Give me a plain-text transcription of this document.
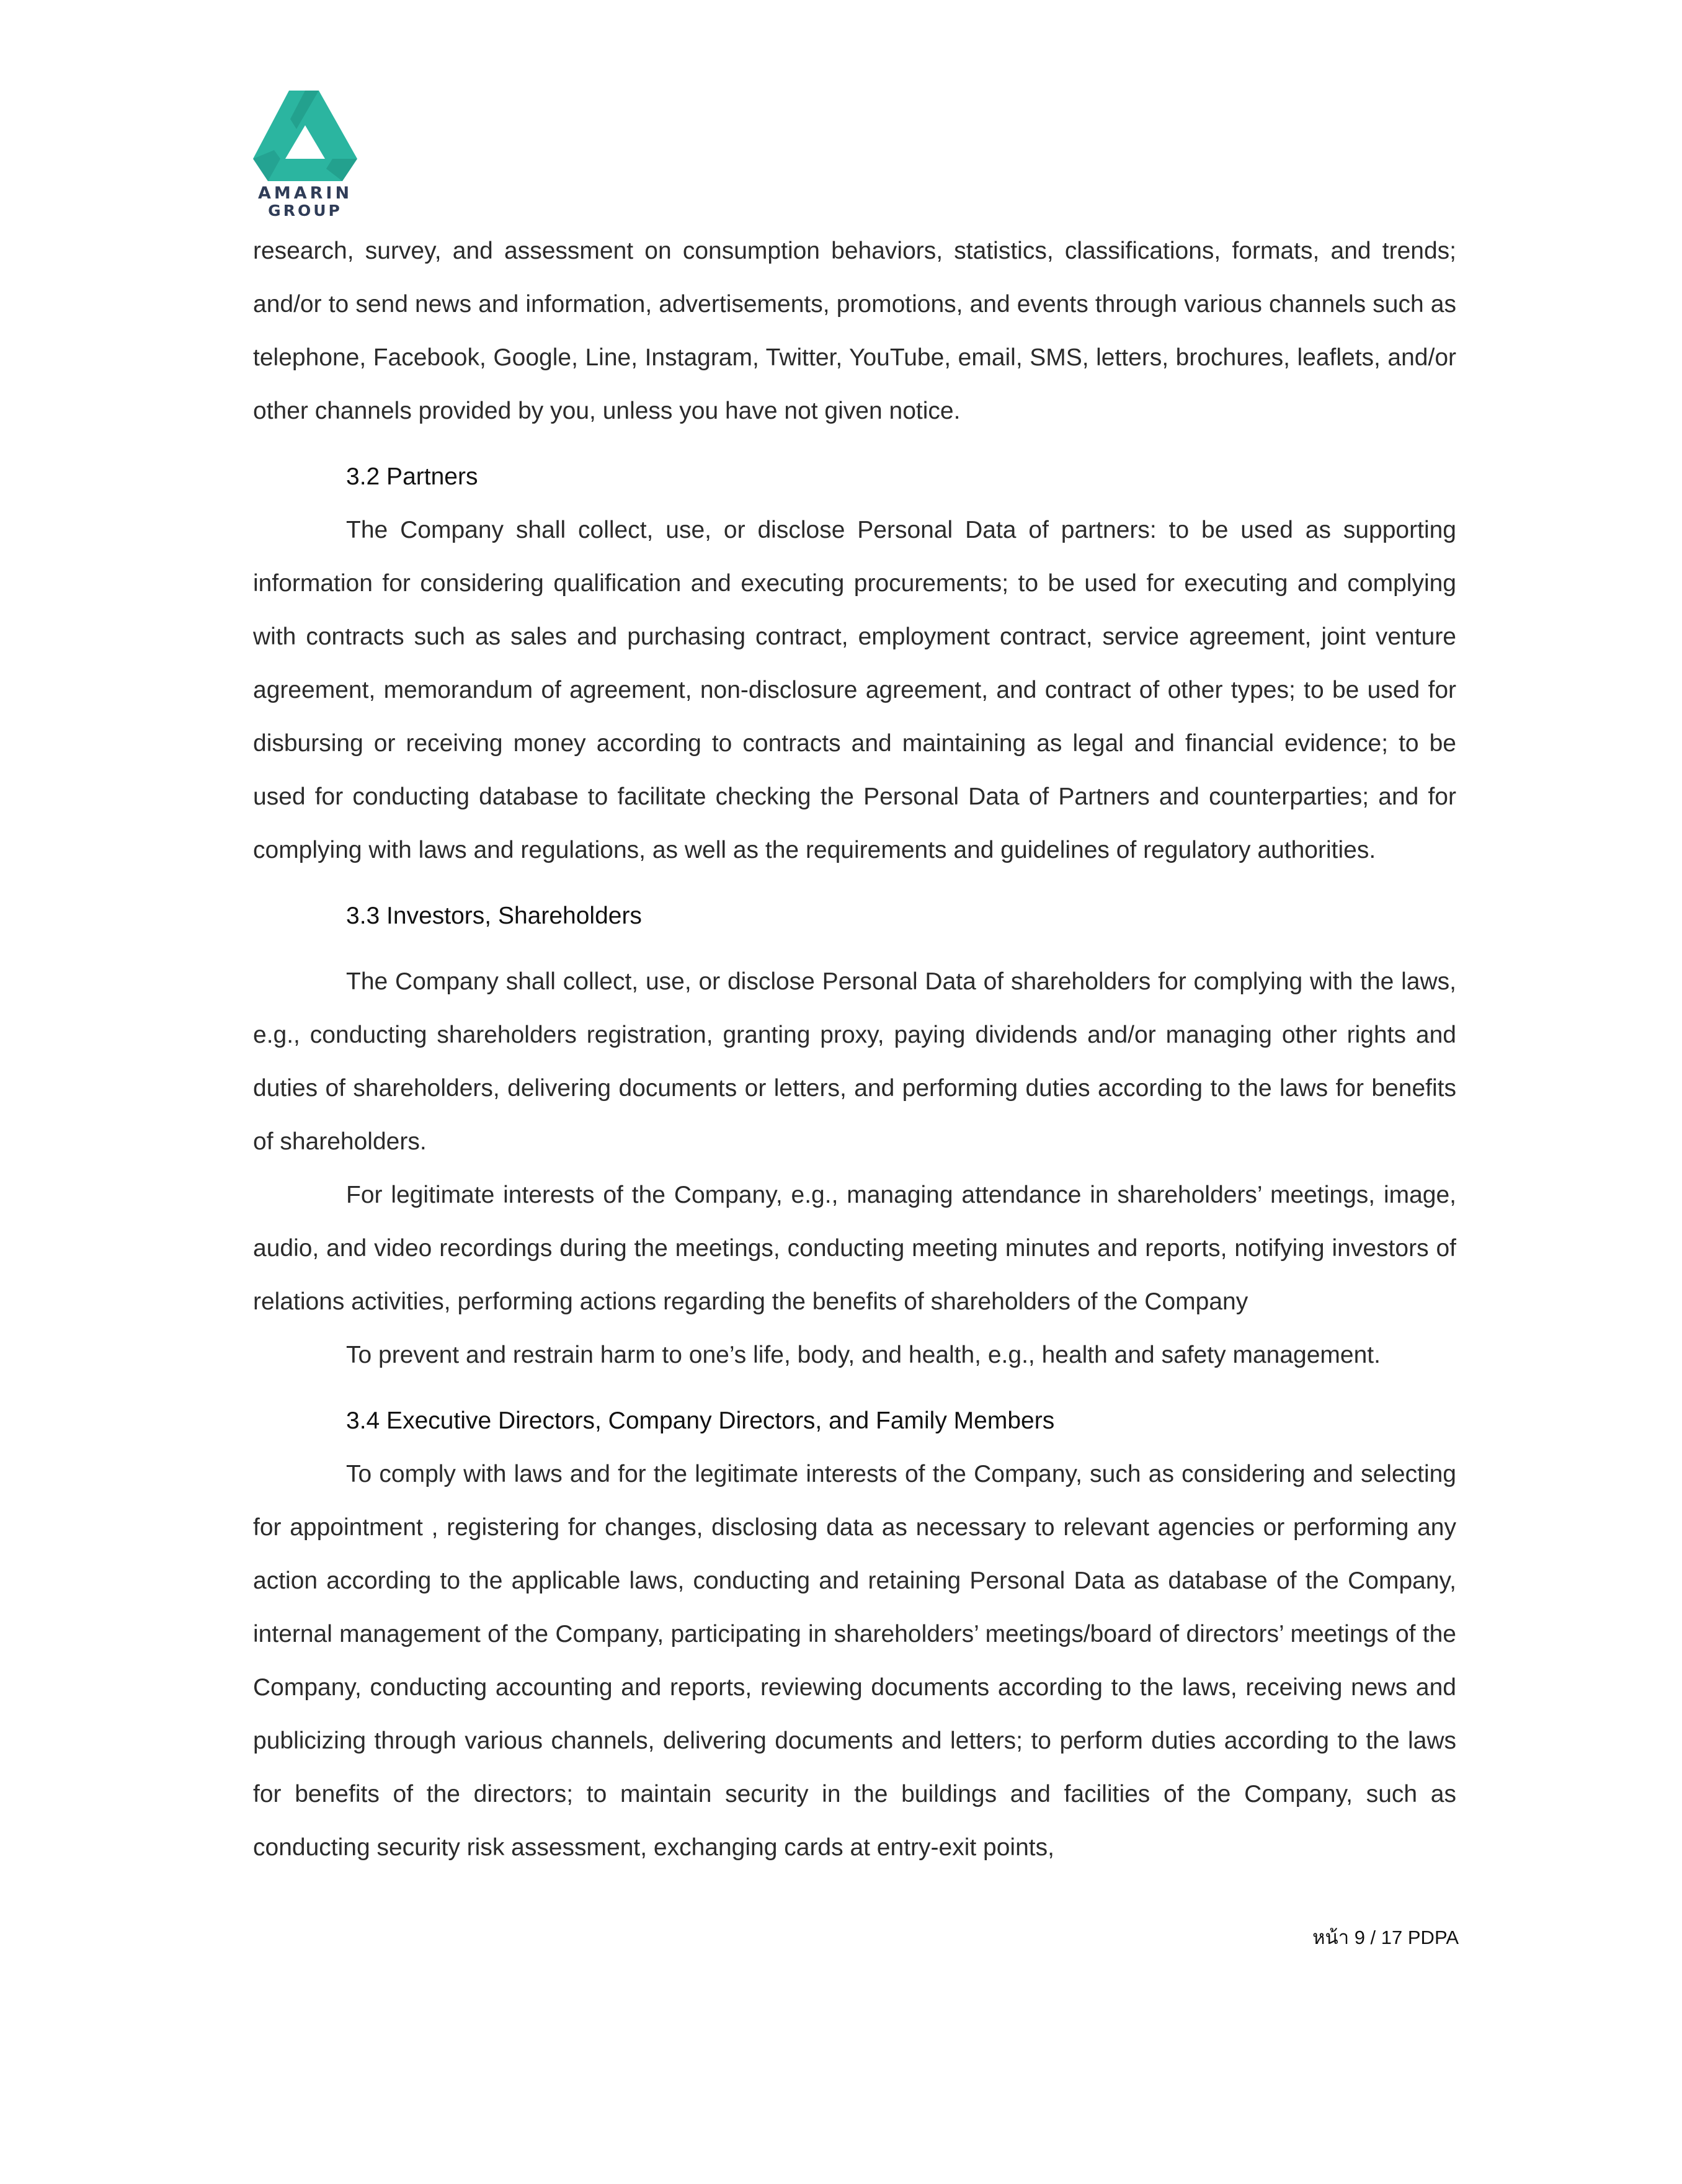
AMARIN
GROUP

research, survey, and assessment on consumption behaviors, statistics, classifications, formats, and trends; and/or to send news and information, advertisements, promotions, and events through various channels such as telephone, Facebook, Google, Line, Instagram, Twitter, YouTube, email, SMS, letters, brochures, leaflets, and/or other channels provided by you, unless you have not given notice.

3.2 Partners

The Company shall collect, use, or disclose Personal Data of partners: to be used as supporting information for considering qualification and executing procurements; to be used for executing and complying with contracts such as sales and purchasing contract, employment contract, service agreement, joint venture agreement, memorandum of agreement, non-disclosure agreement, and contract of other types; to be used for disbursing or receiving money according to contracts and maintaining as legal and financial evidence; to be used for conducting database to facilitate checking the Personal Data of Partners and counterparties; and for complying with laws and regulations, as well as the requirements and guidelines of regulatory authorities.

3.3 Investors, Shareholders

The Company shall collect, use, or disclose Personal Data of shareholders for complying with the laws, e.g., conducting shareholders registration, granting proxy, paying dividends and/or managing other rights and duties of shareholders, delivering documents or letters, and performing duties according to the laws for benefits of shareholders.

For legitimate interests of the Company, e.g., managing attendance in shareholders’ meetings, image, audio, and video recordings during the meetings, conducting meeting minutes and reports, notifying investors of relations activities, performing actions regarding the benefits of shareholders of the Company

To prevent and restrain harm to one’s life, body, and health, e.g., health and safety management.

3.4 Executive Directors, Company Directors, and Family Members

To comply with laws and for the legitimate interests of the Company, such as considering and selecting for appointment , registering for changes, disclosing data as necessary to relevant agencies or performing any action according to the applicable laws, conducting and retaining Personal Data as database of the Company, internal management of the Company, participating in shareholders’ meetings/board of directors’ meetings of the Company, conducting accounting and reports, reviewing documents according to the laws, receiving news and publicizing through various channels, delivering documents and letters; to perform duties according to the laws for benefits of the directors; to maintain security in the buildings and facilities of the Company, such as conducting security risk assessment, exchanging cards at entry-exit points,

หน้า 9 / 17 PDPA
